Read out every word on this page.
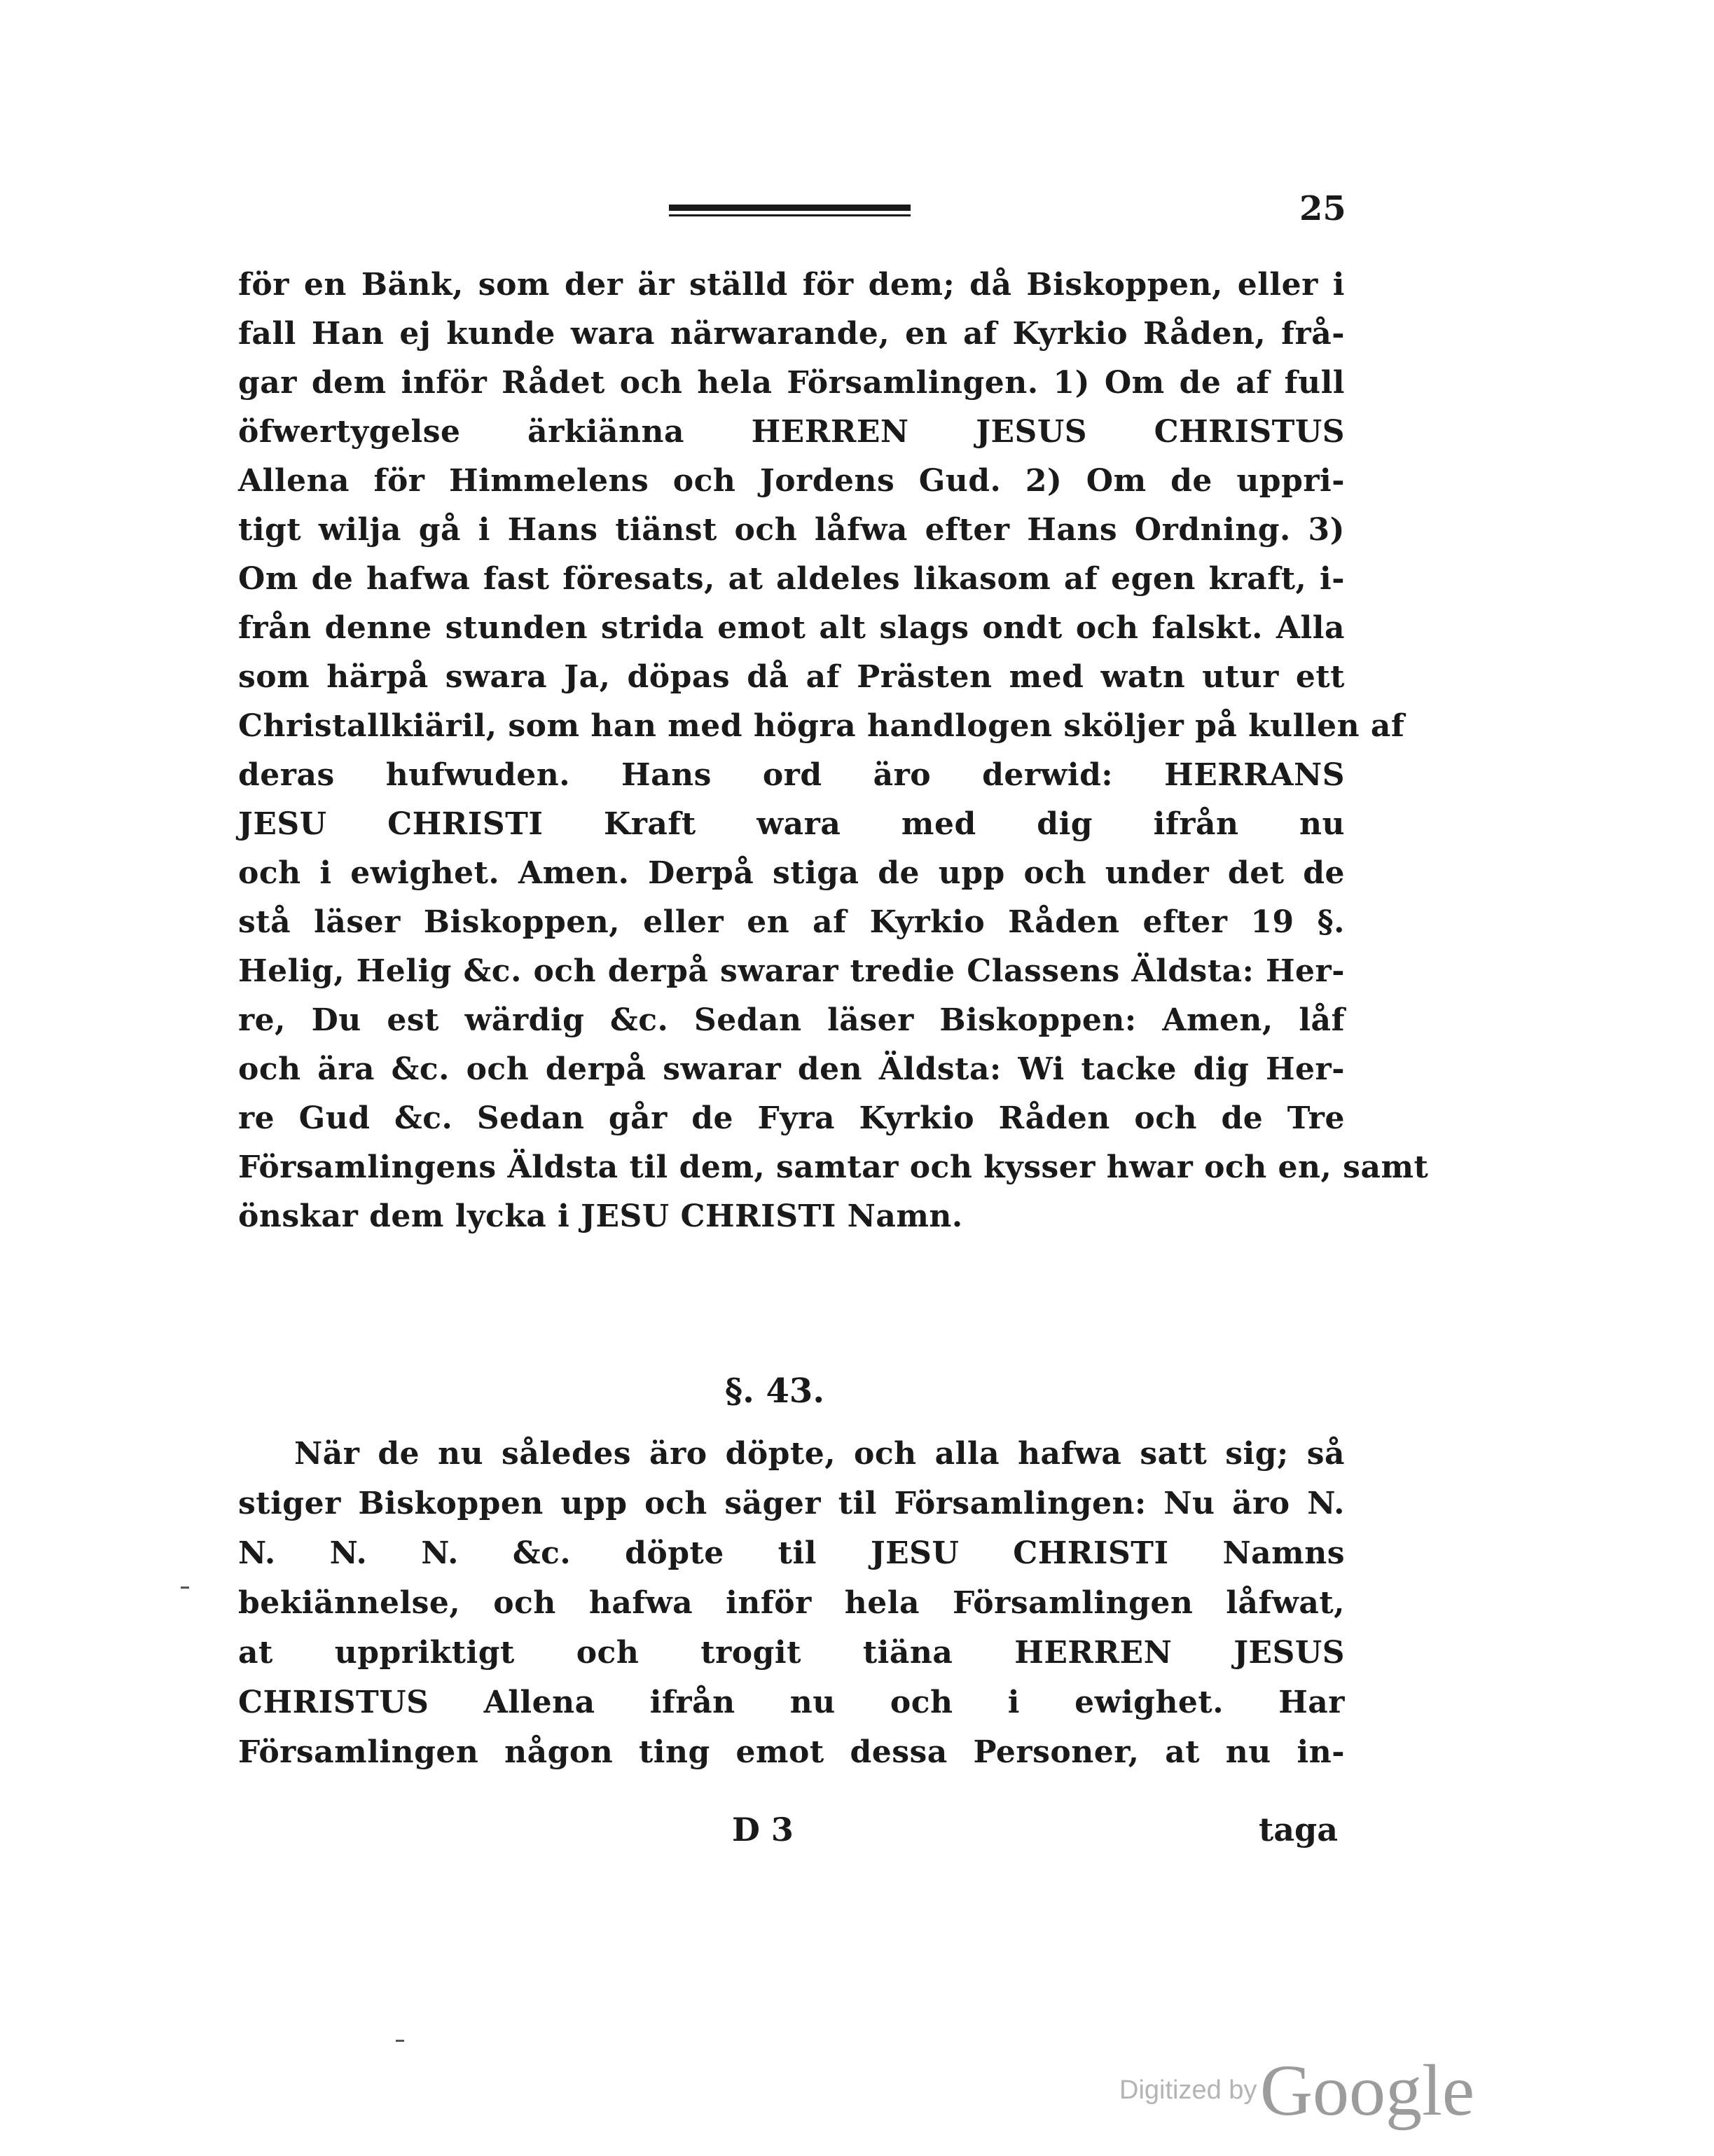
25
för en Bänk, som der är ställd för dem; då Biskoppen, eller i
fall Han ej kunde wara närwarande, en af Kyrkio Råden, frå-
gar dem inför Rådet och hela Församlingen. 1) Om de af full
öfwertygelse ärkiänna HERREN JESUS CHRISTUS
Allena för Himmelens och Jordens Gud. 2) Om de uppri-
tigt wilja gå i Hans tiänst och låfwa efter Hans Ordning. 3)
Om de hafwa fast föresats, at aldeles likasom af egen kraft, i-
från denne stunden strida emot alt slags ondt och falskt. Alla
som härpå swara Ja, döpas då af Prästen med watn utur ett
Christallkiäril, som han med högra handlogen sköljer på kullen af
deras hufwuden. Hans ord äro derwid: HERRANS
JESU CHRISTI Kraft wara med dig ifrån nu
och i ewighet. Amen. Derpå stiga de upp och under det de
stå läser Biskoppen, eller en af Kyrkio Råden efter 19 §.
Helig, Helig &c. och derpå swarar tredie Classens Äldsta: Her-
re, Du est wärdig &c. Sedan läser Biskoppen: Amen, låf
och ära &c. och derpå swarar den Äldsta: Wi tacke dig Her-
re Gud &c. Sedan går de Fyra Kyrkio Råden och de Tre
Församlingens Äldsta til dem, samtar och kysser hwar och en, samt
önskar dem lycka i JESU CHRISTI Namn.
§. 43.
När de nu således äro döpte, och alla hafwa satt sig; så
stiger Biskoppen upp och säger til Församlingen: Nu äro N.
N. N. N. &c. döpte til JESU CHRISTI Namns
bekiännelse, och hafwa inför hela Församlingen låfwat,
at uppriktigt och trogit tiäna HERREN JESUS
CHRISTUS Allena ifrån nu och i ewighet. Har
Församlingen någon ting emot dessa Personer, at nu in-
D 3	taga
Digitized by Google
